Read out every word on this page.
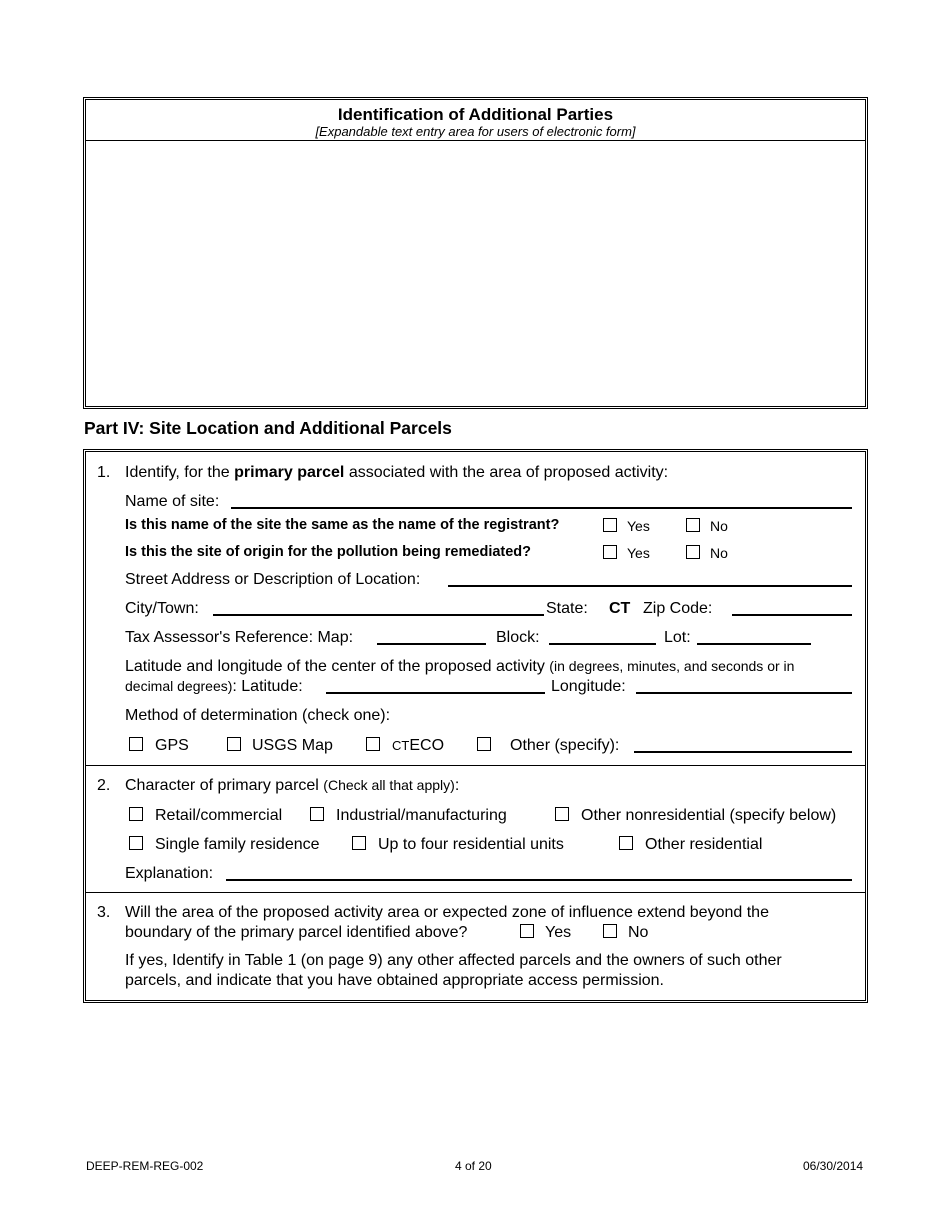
Identification of Additional Parties
[Expandable text entry area for users of electronic form]
Part IV: Site Location and Additional Parcels
1. Identify, for the primary parcel associated with the area of proposed activity:
Name of site:
Is this name of the site the same as the name of the registrant?	Yes	No
Is this the site of origin for the pollution being remediated?	Yes	No
Street Address or Description of Location:
City/Town:	State: CT Zip Code:
Tax Assessor's Reference: Map:	Block:	Lot:
Latitude and longitude of the center of the proposed activity (in degrees, minutes, and seconds or in
decimal degrees): Latitude:	Longitude:
Method of determination (check one):
GPS	USGS Map	CTECO	Other (specify):
2. Character of primary parcel (Check all that apply):
Retail/commercial	Industrial/manufacturing	Other nonresidential (specify below)
Single family residence	Up to four residential units	Other residential
Explanation:
3. Will the area of the proposed activity area or expected zone of influence extend beyond the
boundary of the primary parcel identified above?	Yes	No
If yes, Identify in Table 1 (on page 9) any other affected parcels and the owners of such other
parcels, and indicate that you have obtained appropriate access permission.
DEEP-REM-REG-002	4 of 20	06/30/2014
